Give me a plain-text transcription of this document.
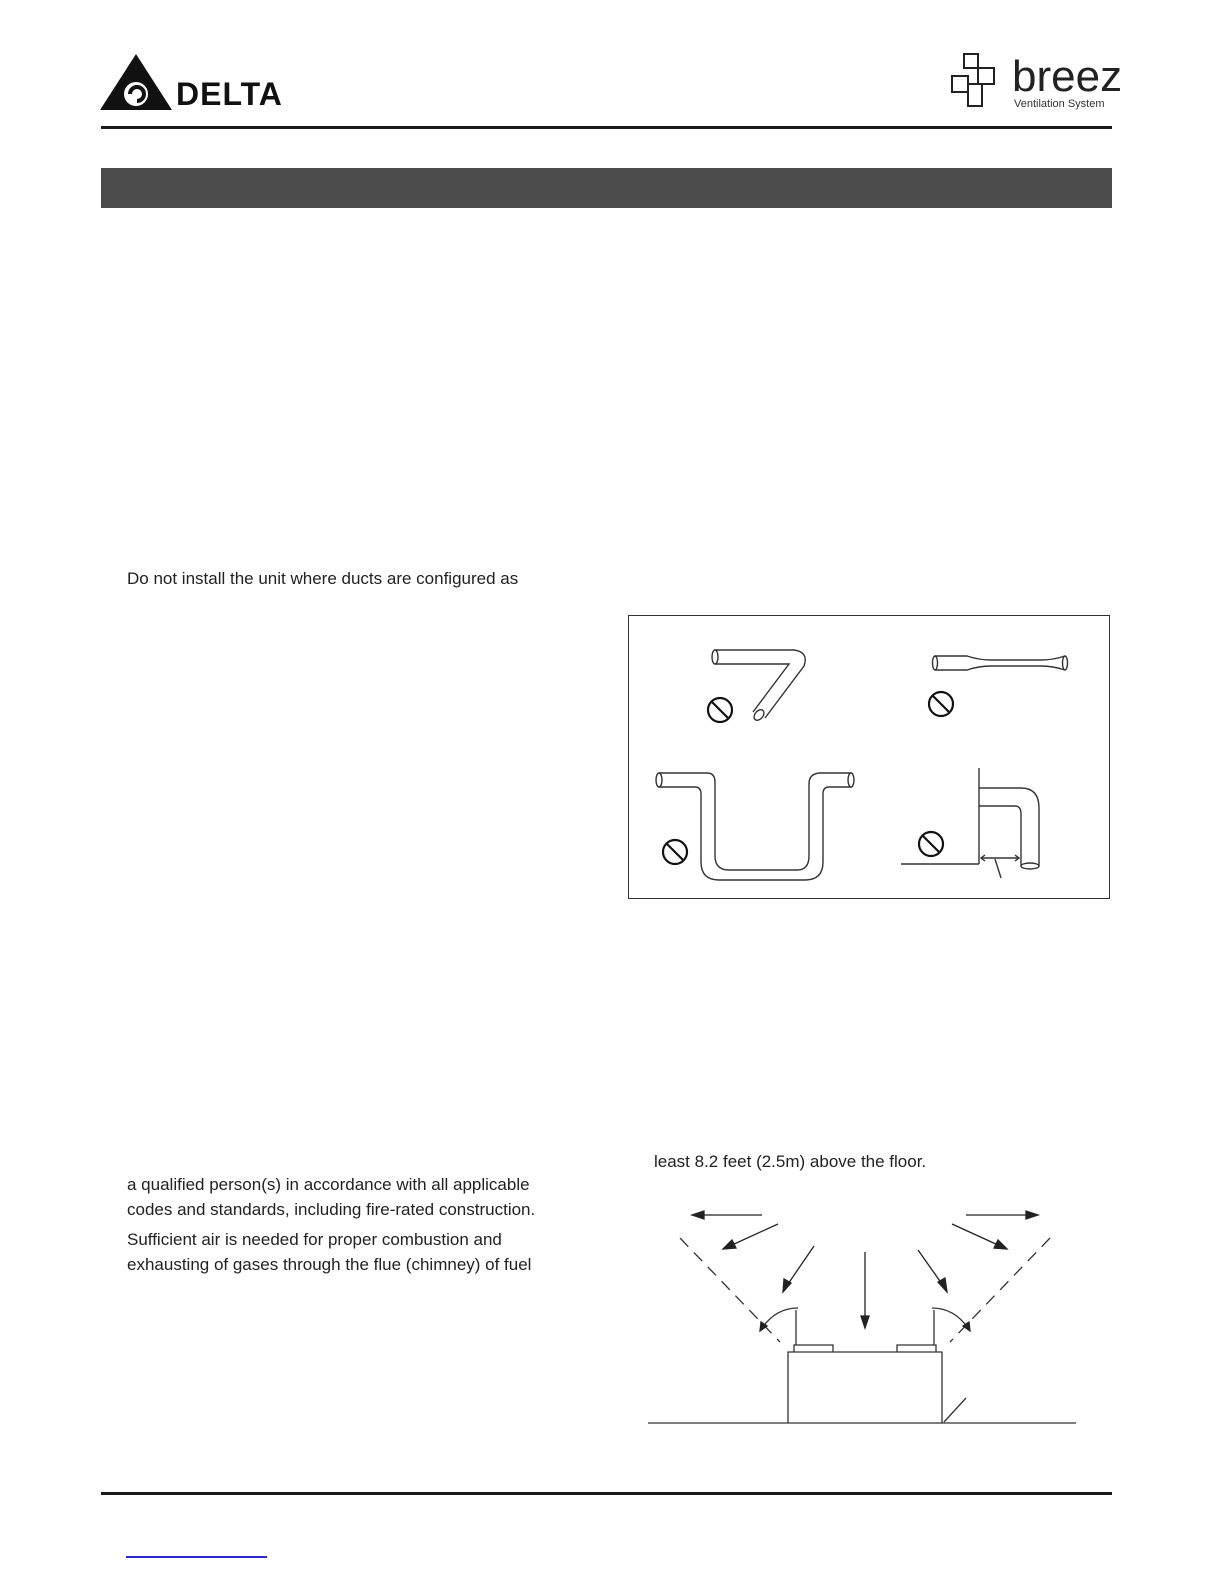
DELTA	breez
Ventilation System
Do not install the unit where ducts are configured as
a qualified person(s) in accordance with all applicable
codes and standards, including fire-rated construction.
Sufficient air is needed for proper combustion and
exhausting of gases through the flue (chimney) of fuel
least 8.2 feet (2.5m) above the floor.
